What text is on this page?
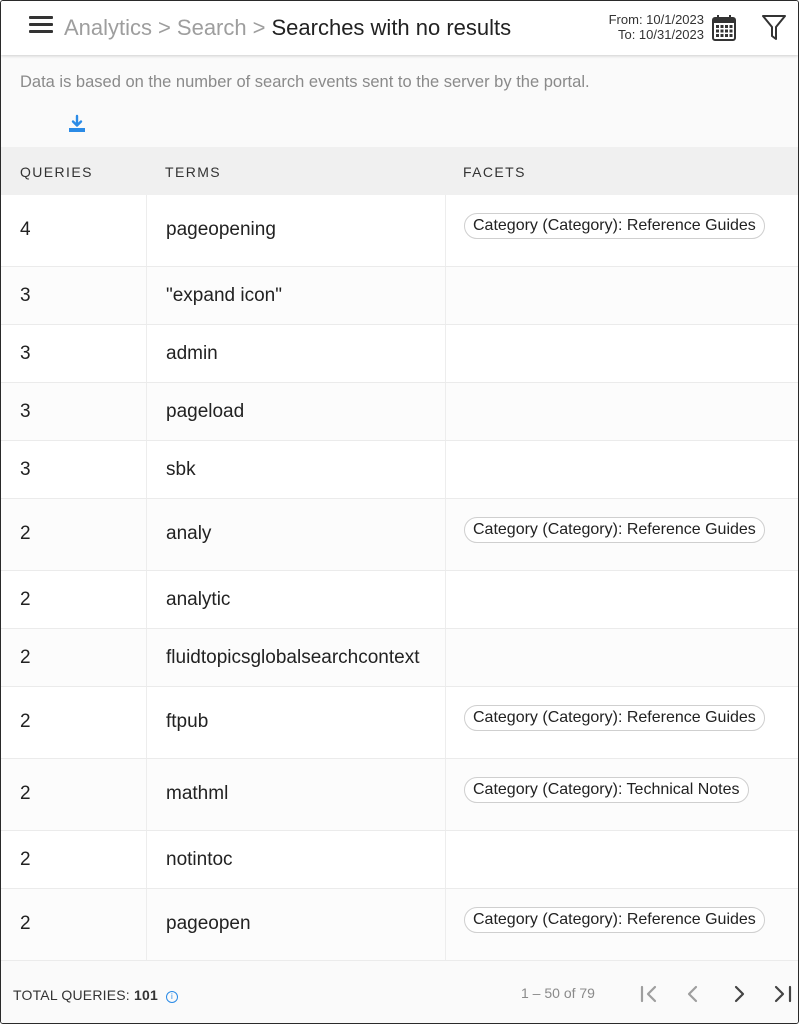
Analytics > Search > Searches with no results	From: 10/1/2023
To: 10/31/2023
Data is based on the number of search events sent to the server by the portal.
QUERIES	TERMS	FACETS
4	pageopening	Category (Category): Reference Guides
3	"expand icon"
3	admin
3	pageload
3	sbk
2	analy	Category (Category): Reference Guides
2	analytic
2	fluidtopicsglobalsearchcontext
2	ftpub	Category (Category): Reference Guides
2	mathml	Category (Category): Technical Notes
2	notintoc
2	pageopen	Category (Category): Reference Guides
TOTAL QUERIES: 101 i	1 – 50 of 79
